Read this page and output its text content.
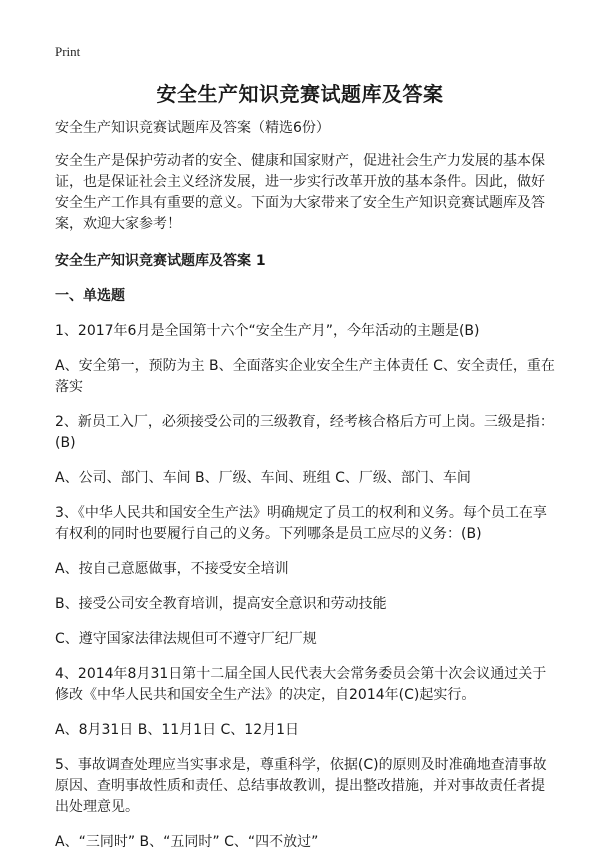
Print
安全生产知识竞赛试题库及答案

安全生产知识竞赛试题库及答案（精选6份）

安全生产是保护劳动者的安全、健康和国家财产，促进社会生产力发展的基本保证，也是保证社会主义经济发展，进一步实行改革开放的基本条件。因此，做好安全生产工作具有重要的意义。下面为大家带来了安全生产知识竞赛试题库及答案，欢迎大家参考！

安全生产知识竞赛试题库及答案 1

一、单选题

1、2017年6月是全国第十六个“安全生产月”，今年活动的主题是(B)

A、安全第一，预防为主 B、全面落实企业安全生产主体责任 C、安全责任，重在落实

2、新员工入厂，必须接受公司的三级教育，经考核合格后方可上岗。三级是指：(B)

A、公司、部门、车间 B、厂级、车间、班组 C、厂级、部门、车间

3、《中华人民共和国安全生产法》明确规定了员工的权利和义务。每个员工在享有权利的同时也要履行自己的义务。下列哪条是员工应尽的义务：(B)

A、按自己意愿做事，不接受安全培训

B、接受公司安全教育培训，提高安全意识和劳动技能

C、遵守国家法律法规但可不遵守厂纪厂规

4、2014年8月31日第十二届全国人民代表大会常务委员会第十次会议通过关于修改《中华人民共和国安全生产法》的决定，自2014年(C)起实行。

A、8月31日 B、11月1日 C、12月1日

5、事故调查处理应当实事求是，尊重科学，依据(C)的原则及时准确地查清事故原因、查明事故性质和责任、总结事故教训，提出整改措施，并对事故责任者提出处理意见。

A、“三同时” B、“五同时” C、“四不放过”
